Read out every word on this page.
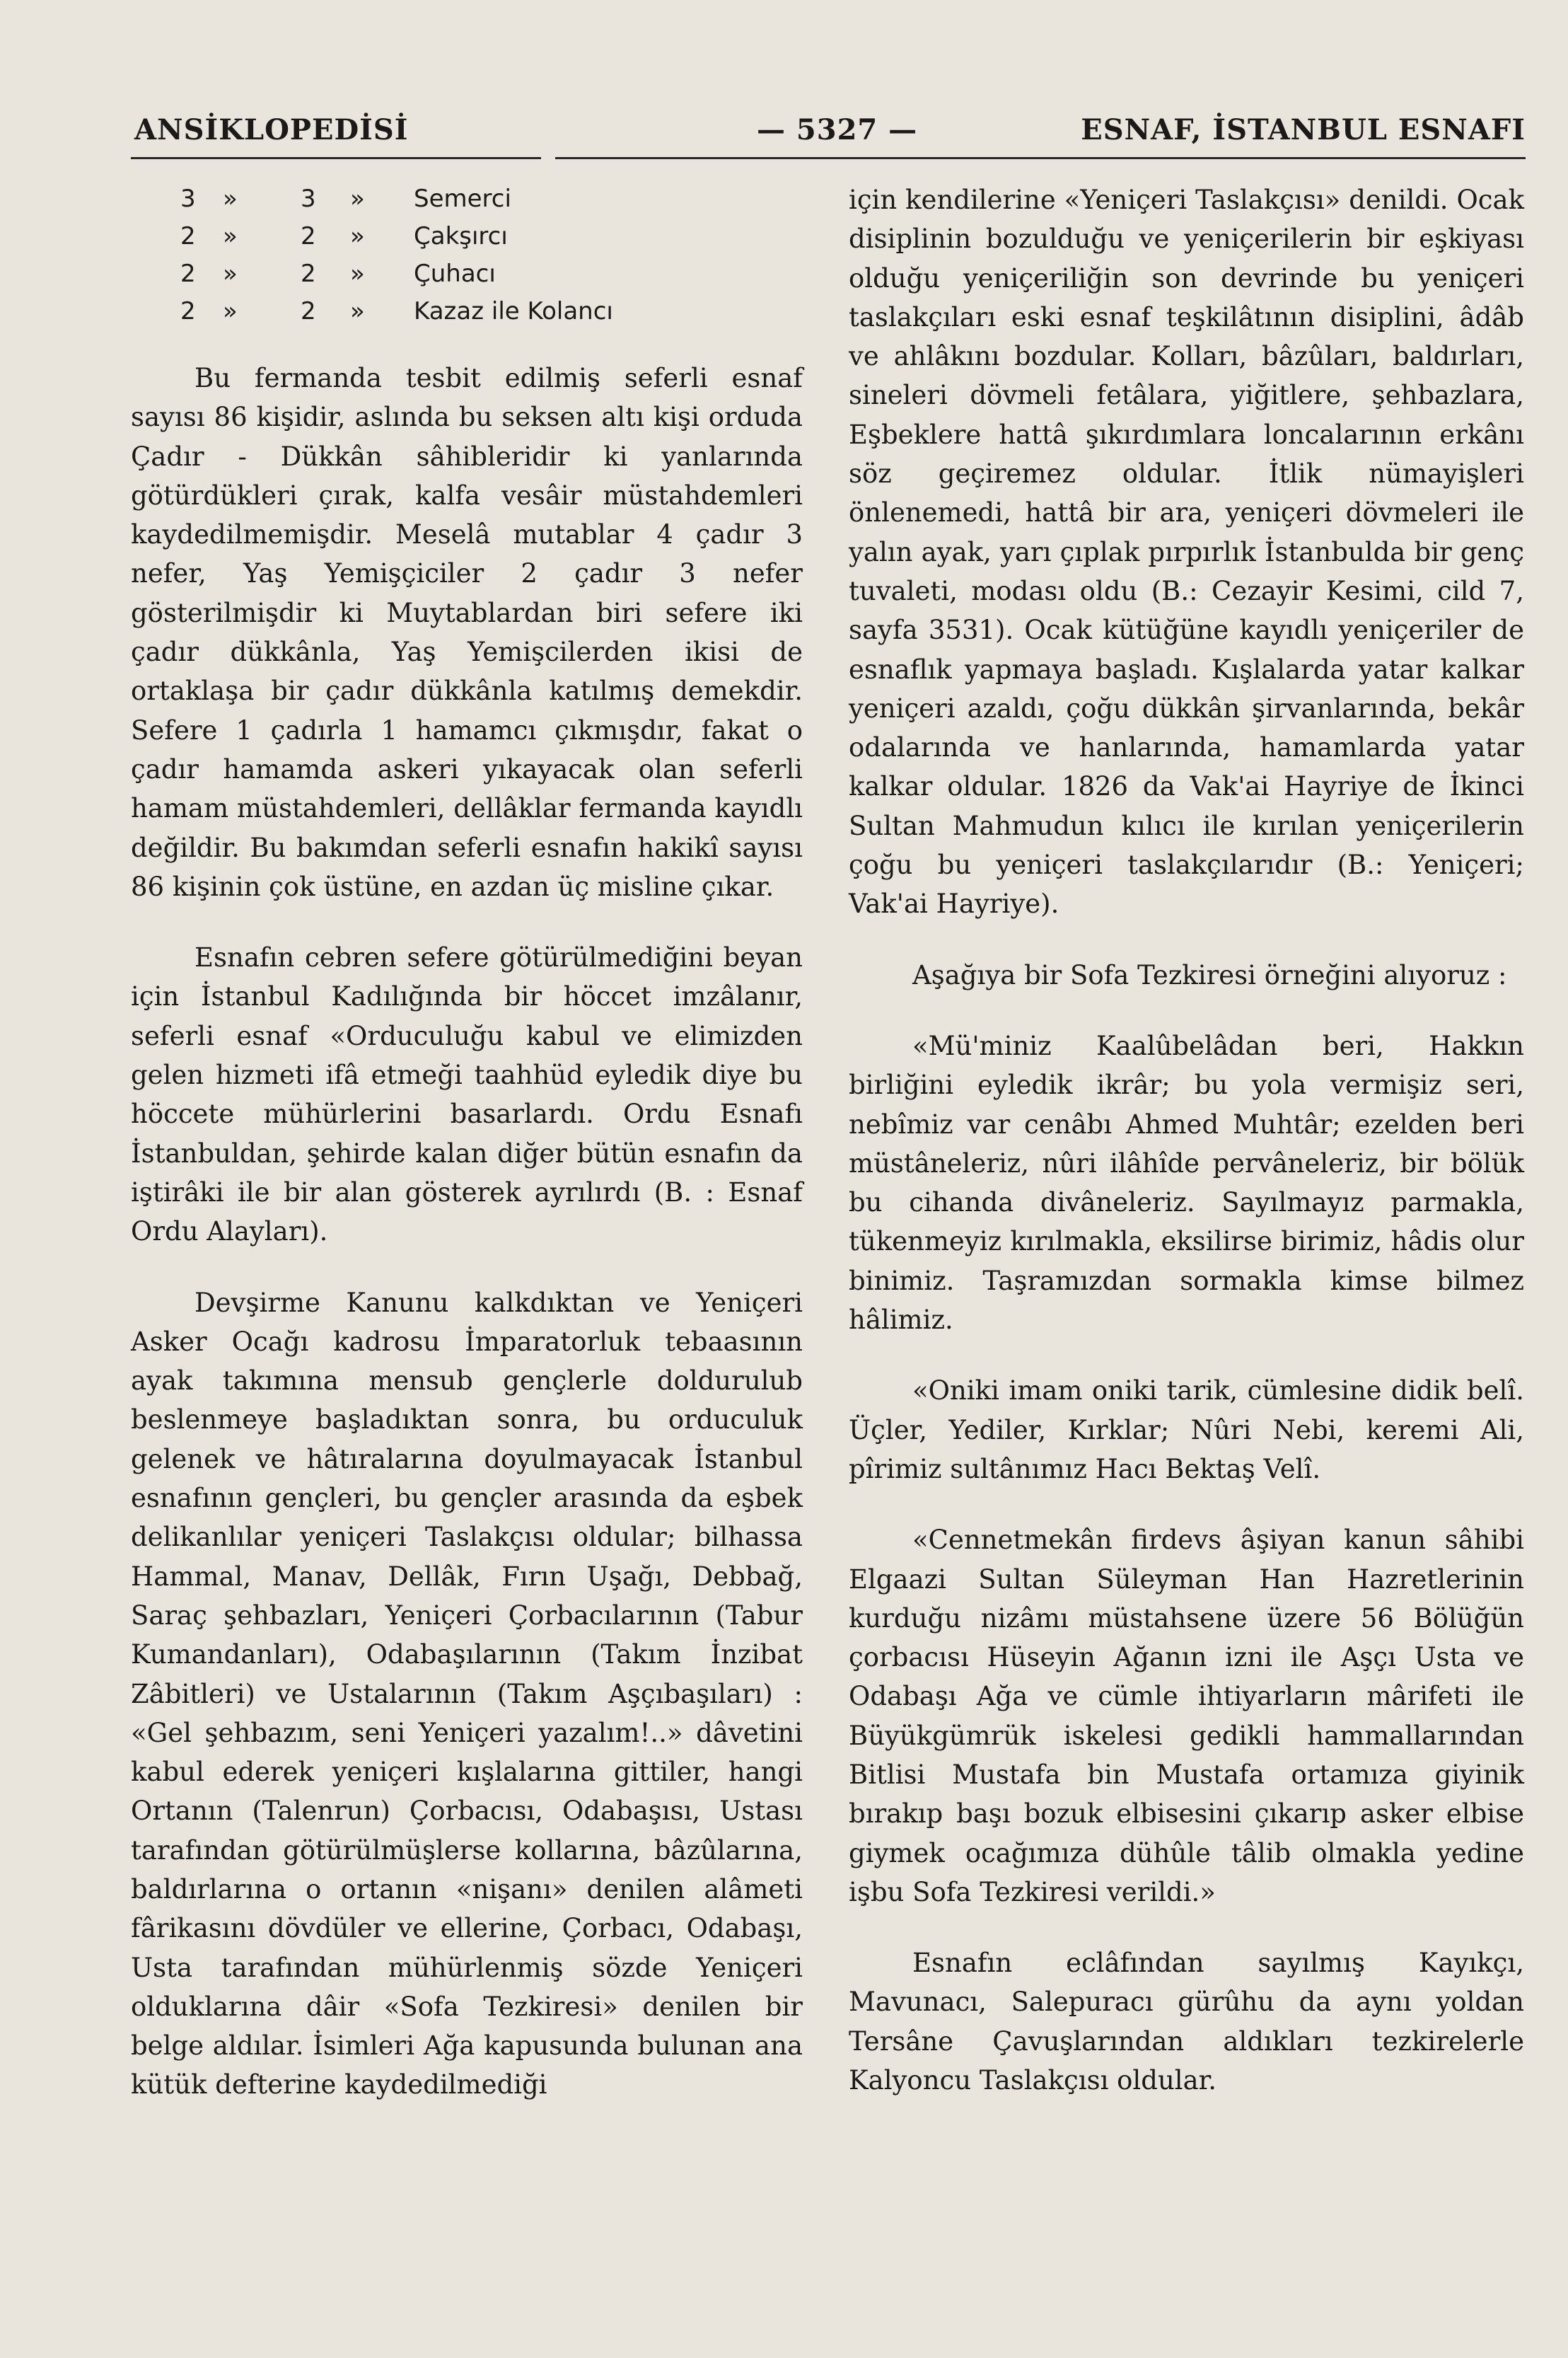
ANSİKLOPEDİSİ	— 5327 —	ESNAF, İSTANBUL ESNAFI
3	»	3	»	Semerci
2	»	2	»	Çakşırcı
2	»	2	»	Çuhacı
2	»	2	»	Kazaz ile Kolancı

Bu fermanda tesbit edilmiş seferli esnaf sayısı 86 kişidir, aslında bu seksen altı kişi orduda Çadır - Dükkân sâhibleridir ki yanlarında götürdükleri çırak, kalfa vesâir müstahdemleri kaydedilmemişdir. Meselâ mutablar 4 çadır 3 nefer, Yaş Yemişçiciler 2 çadır 3 nefer gösterilmişdir ki Muytablardan biri sefere iki çadır dükkânla, Yaş Yemişcilerden ikisi de ortaklaşa bir çadır dükkânla katılmış demekdir. Sefere 1 çadırla 1 hamamcı çıkmışdır, fakat o çadır hamamda askeri yıkayacak olan seferli hamam müstahdemleri, dellâklar fermanda kayıdlı değildir. Bu bakımdan seferli esnafın hakikî sayısı 86 kişinin çok üstüne, en azdan üç misline çıkar.

Esnafın cebren sefere götürülmediğini beyan için İstanbul Kadılığında bir höccet imzâlanır, seferli esnaf «Orduculuğu kabul ve elimizden gelen hizmeti ifâ etmeği taahhüd eyledik diye bu höccete mühürlerini basarlardı. Ordu Esnafı İstanbuldan, şehirde kalan diğer bütün esnafın da iştirâki ile bir alan gösterek ayrılırdı (B. : Esnaf Ordu Alayları).

Devşirme Kanunu kalkdıktan ve Yeniçeri Asker Ocağı kadrosu İmparatorluk tebaasının ayak takımına mensub gençlerle doldurulub beslenmeye başladıktan sonra, bu orduculuk gelenek ve hâtıralarına doyulmayacak İstanbul esnafının gençleri, bu gençler arasında da eşbek delikanlılar yeniçeri Taslakçısı oldular; bilhassa Hammal, Manav, Dellâk, Fırın Uşağı, Debbağ, Saraç şehbazları, Yeniçeri Çorbacılarının (Tabur Kumandanları), Odabaşılarının (Takım İnzibat Zâbitleri) ve Ustalarının (Takım Aşçıbaşıları) : «Gel şehbazım, seni Yeniçeri yazalım!..» dâvetini kabul ederek yeniçeri kışlalarına gittiler, hangi Ortanın (Talenrun) Çorbacısı, Odabaşısı, Ustası tarafından götürülmüşlerse kollarına, bâzûlarına, baldırlarına o ortanın «nişanı» denilen alâmeti fârikasını dövdüler ve ellerine, Çorbacı, Odabaşı, Usta tarafından mühürlenmiş sözde Yeniçeri olduklarına dâir «Sofa Tezkiresi» denilen bir belge aldılar. İsimleri Ağa kapusunda bulunan ana kütük defterine kaydedilmediği

için kendilerine «Yeniçeri Taslakçısı» denildi. Ocak disiplinin bozulduğu ve yeniçerilerin bir eşkiyası olduğu yeniçeriliğin son devrinde bu yeniçeri taslakçıları eski esnaf teşkilâtının disiplini, âdâb ve ahlâkını bozdular. Kolları, bâzûları, baldırları, sineleri dövmeli fetâlara, yiğitlere, şehbazlara, Eşbeklere hattâ şıkırdımlara loncalarının erkânı söz geçiremez oldular. İtlik nümayişleri önlenemedi, hattâ bir ara, yeniçeri dövmeleri ile yalın ayak, yarı çıplak pırpırlık İstanbulda bir genç tuvaleti, modası oldu (B.: Cezayir Kesimi, cild 7, sayfa 3531). Ocak kütüğüne kayıdlı yeniçeriler de esnaflık yapmaya başladı. Kışlalarda yatar kalkar yeniçeri azaldı, çoğu dükkân şirvanlarında, bekâr odalarında ve hanlarında, hamamlarda yatar kalkar oldular. 1826 da Vak'ai Hayriye de İkinci Sultan Mahmudun kılıcı ile kırılan yeniçerilerin çoğu bu yeniçeri taslakçılarıdır (B.: Yeniçeri; Vak'ai Hayriye).

Aşağıya bir Sofa Tezkiresi örneğini alıyoruz :

«Mü'miniz Kaalûbelâdan beri, Hakkın birliğini eyledik ikrâr; bu yola vermişiz seri, nebîmiz var cenâbı Ahmed Muhtâr; ezelden beri müstâneleriz, nûri ilâhîde pervâneleriz, bir bölük bu cihanda divâneleriz. Sayılmayız parmakla, tükenmeyiz kırılmakla, eksilirse birimiz, hâdis olur binimiz. Taşramızdan sormakla kimse bilmez hâlimiz.

«Oniki imam oniki tarik, cümlesine didik belî. Üçler, Yediler, Kırklar; Nûri Nebi, keremi Ali, pîrimiz sultânımız Hacı Bektaş Velî.

«Cennetmekân firdevs âşiyan kanun sâhibi Elgaazi Sultan Süleyman Han Hazretlerinin kurduğu nizâmı müstahsene üzere 56 Bölüğün çorbacısı Hüseyin Ağanın izni ile Aşçı Usta ve Odabaşı Ağa ve cümle ihtiyarların mârifeti ile Büyükgümrük iskelesi gedikli hammallarından Bitlisi Mustafa bin Mustafa ortamıza giyinik bırakıp başı bozuk elbisesini çıkarıp asker elbise giymek ocağımıza dühûle tâlib olmakla yedine işbu Sofa Tezkiresi verildi.»

Esnafın eclâfından sayılmış Kayıkçı, Mavunacı, Salepuracı gürûhu da aynı yoldan Tersâne Çavuşlarından aldıkları tezkirelerle Kalyoncu Taslakçısı oldular.
